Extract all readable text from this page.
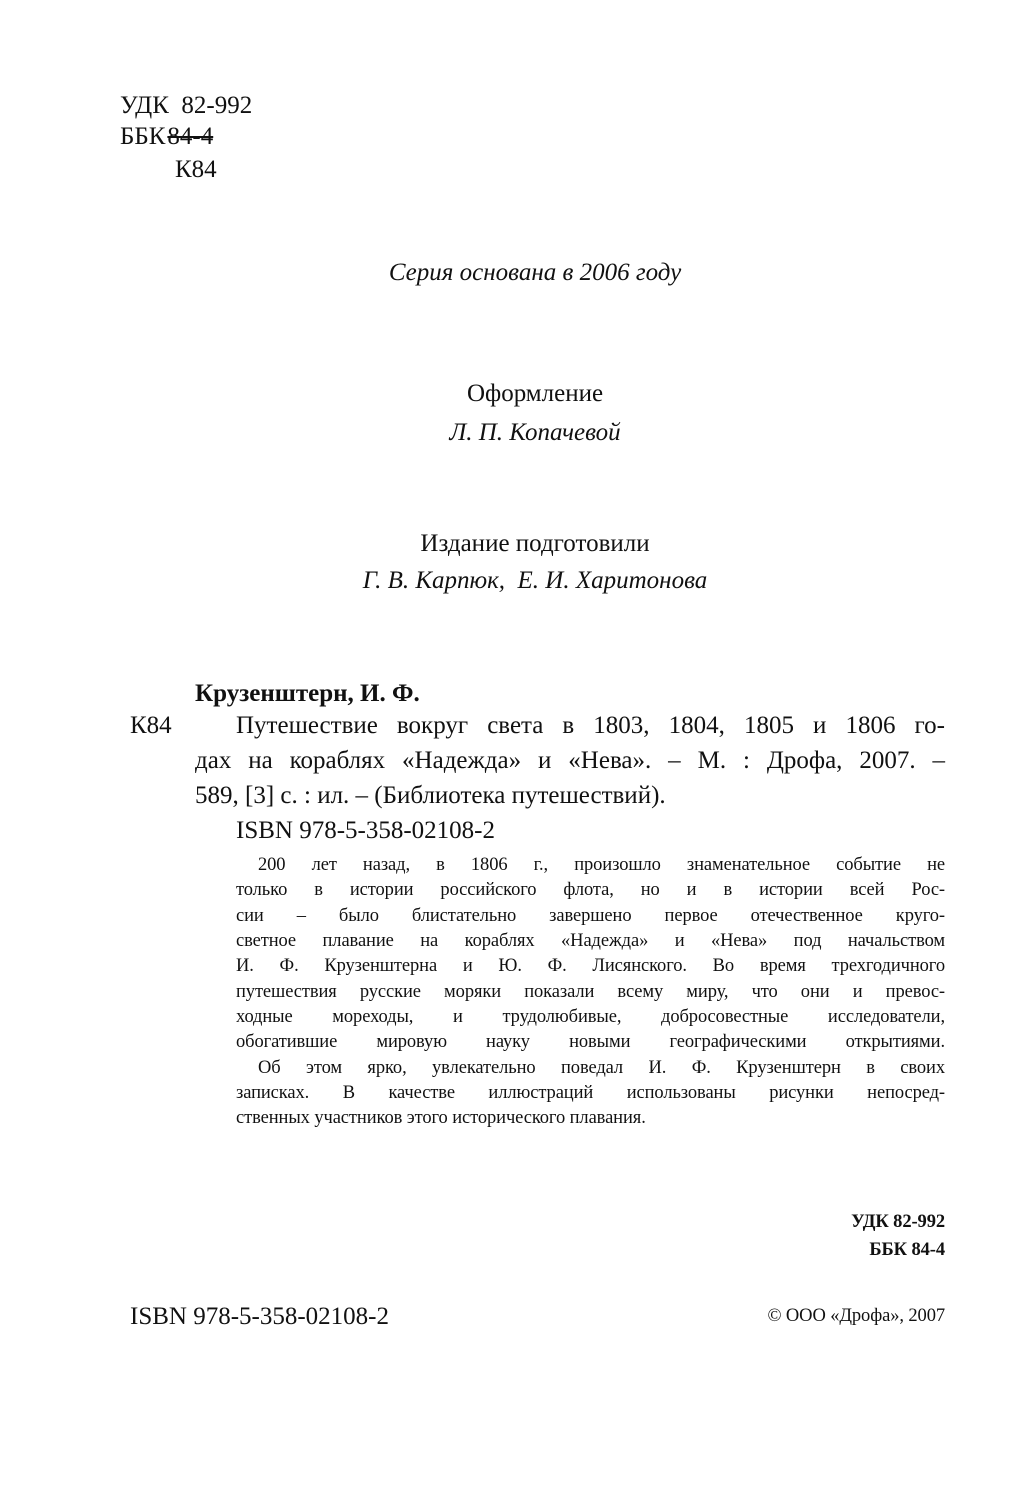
УДК 82-992
ББК84-4
К84
Серия основана в 2006 году
Оформление
Л. П. Копачевой
Издание подготовили
Г. В. Карпюк,  Е. И. Харитонова
Крузенштерн, И. Ф.
К84	Путешествие вокруг света в 1803, 1804, 1805 и 1806 го-
дах на кораблях «Надежда» и «Нева». – М. : Дрофа, 2007. –
589, [3] с. : ил. – (Библиотека путешествий).
ISBN 978-5-358-02108-2
200 лет назад, в 1806 г., произошло знаменательное событие не
только в истории российского флота, но и в истории всей Рос-
сии – было блистательно завершено первое отечественное круго-
светное плавание на кораблях «Надежда» и «Нева» под начальством
И. Ф. Крузенштерна и Ю. Ф. Лисянского. Во время трехгодичного
путешествия русские моряки показали всему миру, что они и превос-
ходные мореходы, и трудолюбивые, добросовестные исследователи,
обогатившие мировую науку новыми географическими открытиями.
Об этом ярко, увлекательно поведал И. Ф. Крузенштерн в своих
записках. В качестве иллюстраций использованы рисунки непосред-
ственных участников этого исторического плавания.
УДК 82-992
ББК 84-4
ISBN 978-5-358-02108-2	© ООО «Дрофа», 2007
